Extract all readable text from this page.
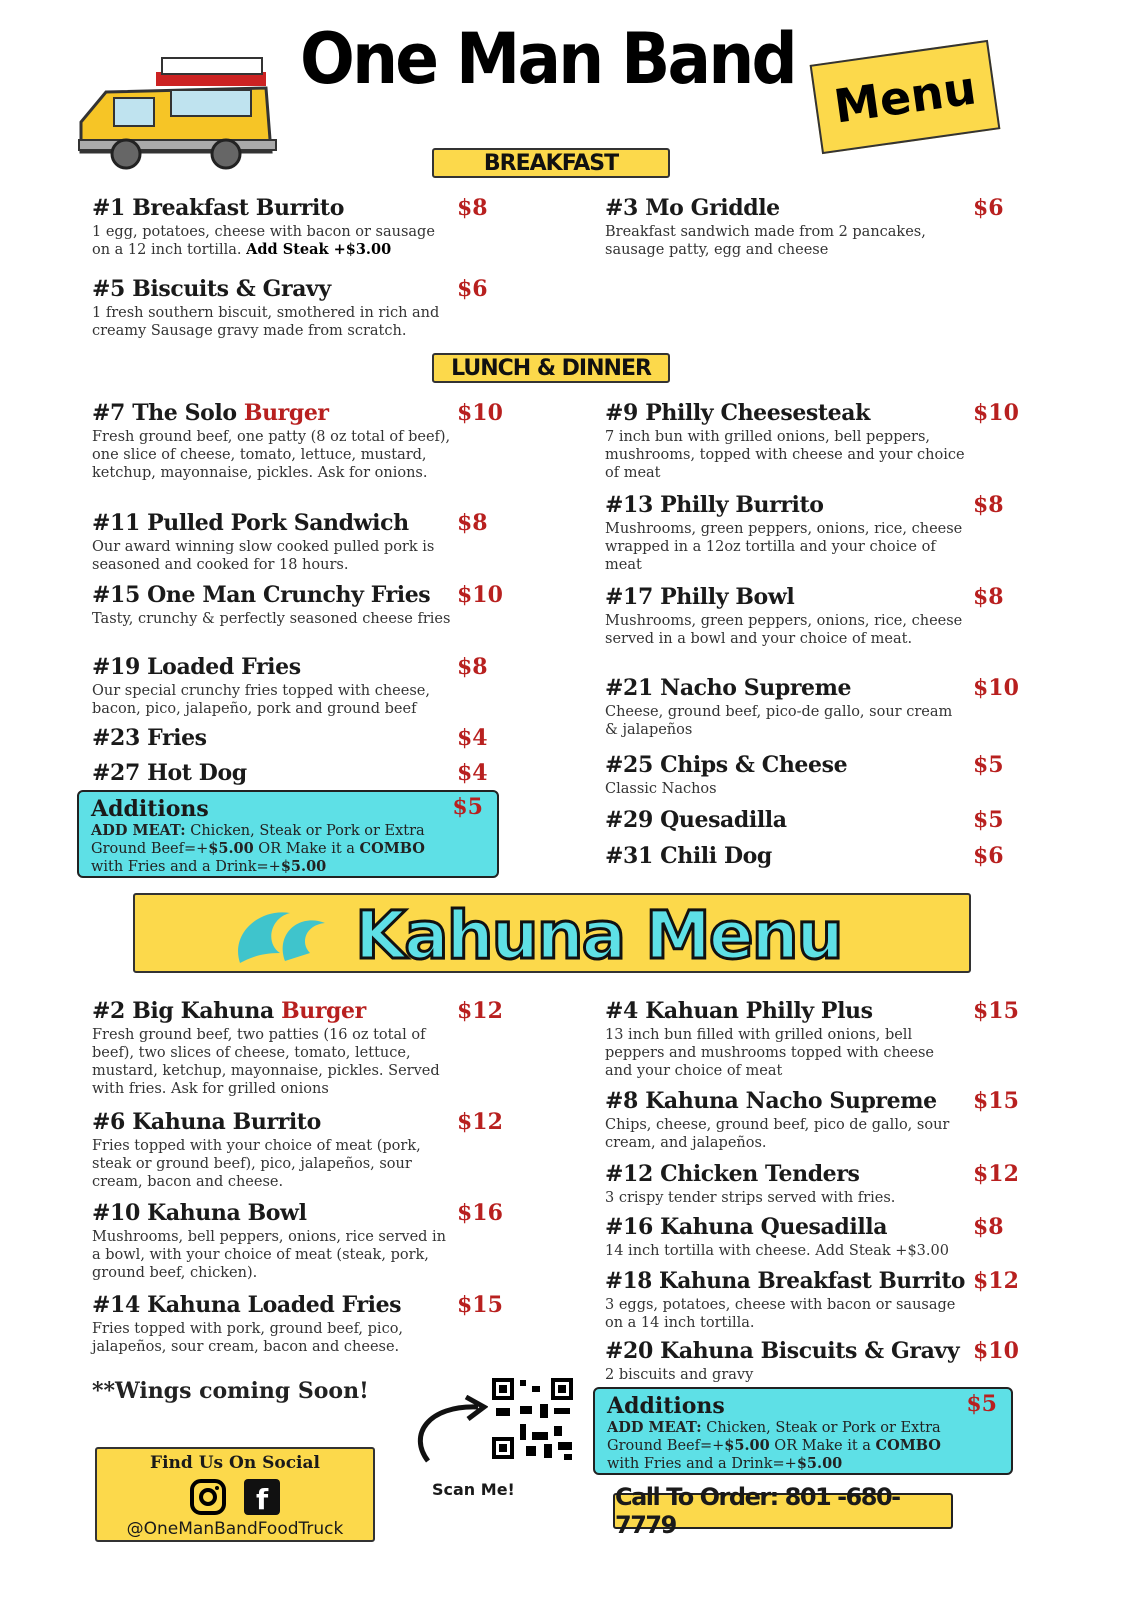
One Man Band Menu
BREAKFAST
LUNCH & DINNER
#1 Breakfast Burrito	$8
1 egg, potatoes, cheese with bacon or sausage on a 12 inch tortilla. Add Steak +$3.00
#3 Mo Griddle	$6
Breakfast sandwich made from 2 pancakes, sausage patty, egg and cheese
#5 Biscuits & Gravy	$6
1 fresh southern biscuit, smothered in rich and creamy Sausage gravy made from scratch.
#7 The Solo Burger	$10
Fresh ground beef, one patty (8 oz total of beef), one slice of cheese, tomato, lettuce, mustard, ketchup, mayonnaise, pickles. Ask for onions.
#11 Pulled Pork Sandwich $8
Our award winning slow cooked pulled pork is seasoned and cooked for 18 hours.
#15 One Man Crunchy Fries $10
Tasty, crunchy & perfectly seasoned cheese fries
#19 Loaded Fries	$8
Our special crunchy fries topped with cheese, bacon, pico, jalapeño, pork and ground beef
#23 Fries	$4
#27 Hot Dog	$4
#9 Philly Cheesesteak	$10
7 inch bun with grilled onions, bell peppers, mushrooms, topped with cheese and your choice of meat
#13 Philly Burrito	$8
Mushrooms, green peppers, onions, rice, cheese wrapped in a 12oz tortilla and your choice of meat
#17 Philly Bowl	$8
Mushrooms, green peppers, onions, rice, cheese served in a bowl and your choice of meat.
#21 Nacho Supreme	$10
Cheese, ground beef, pico-de gallo, sour cream & jalapeños
#25 Chips & Cheese	$5
Classic Nachos
#29 Quesadilla	$5
#31 Chili Dog	$6
#2 Big Kahuna Burger	$12
Fresh ground beef, two patties (16 oz total of beef), two slices of cheese, tomato, lettuce, mustard, ketchup, mayonnaise, pickles. Served with fries. Ask for grilled onions
#6 Kahuna Burrito	$12
Fries topped with your choice of meat (pork, steak or ground beef), pico, jalapeños, sour cream, bacon and cheese.
#10 Kahuna Bowl	$16
Mushrooms, bell peppers, onions, rice served in a bowl, with your choice of meat (steak, pork, ground beef, chicken).
#14 Kahuna Loaded Fries	$15
Fries topped with pork, ground beef, pico, jalapeños, sour cream, bacon and cheese.
#4 Kahuan Philly Plus	$15
13 inch bun filled with grilled onions, bell peppers and mushrooms topped with cheese and your choice of meat
#8 Kahuna Nacho Supreme $15
Chips, cheese, ground beef, pico de gallo, sour cream, and jalapeños.
#12 Chicken Tenders	$12
3 crispy tender strips served with fries.
#16 Kahuna Quesadilla	$8
14 inch tortilla with cheese. Add Steak +$3.00
#18 Kahuna Breakfast Burrito $12
3 eggs, potatoes, cheese with bacon or sausage on a 14 inch tortilla.
#20 Kahuna Biscuits & Gravy $10
2 biscuits and gravy
Additions	$5
ADD MEAT: Chicken, Steak or Pork or Extra Ground Beef=+$5.00 OR Make it a COMBO with Fries and a Drink=+$5.00
Kahuna Menu
**Wings coming Soon!
Scan Me!
Find Us On Social
f
@OneManBandFoodTruck
Additions	$5
ADD MEAT: Chicken, Steak or Pork or Extra Ground Beef=+$5.00 OR Make it a COMBO with Fries and a Drink=+$5.00
Call To Order: 801 -680-7779
